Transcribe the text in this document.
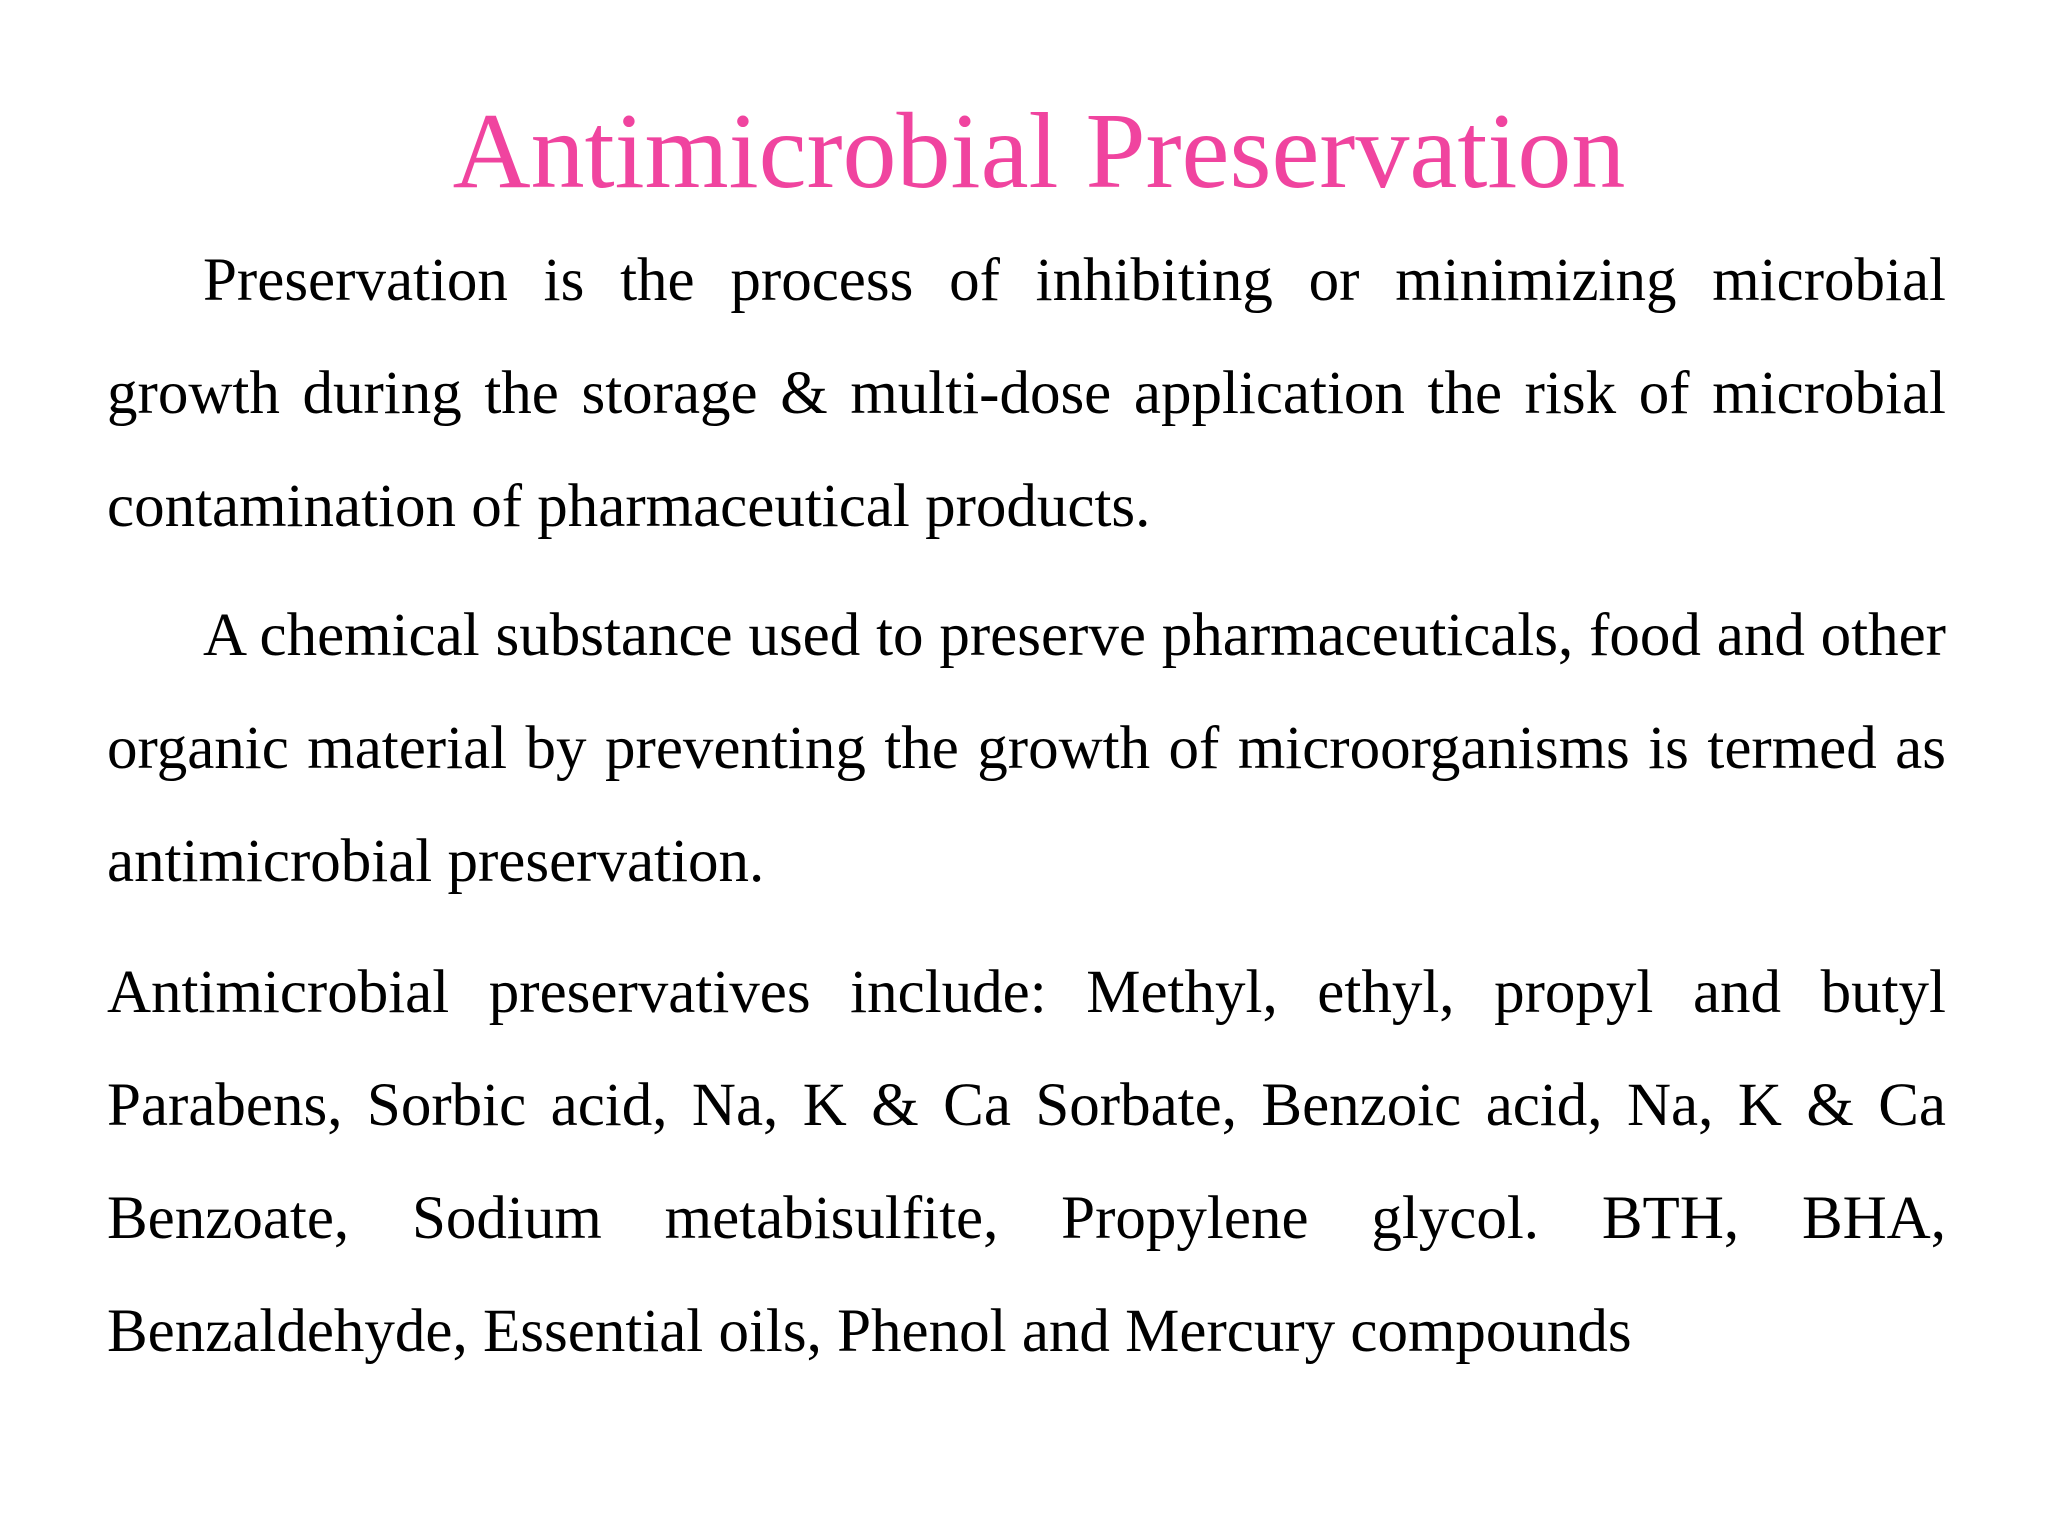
Antimicrobial Preservation

Preservation is the process of inhibiting or minimizing microbial growth during the storage & multi-dose application the risk of microbial contamination of pharmaceutical products.

A chemical substance used to preserve pharmaceuticals, food and other organic material by preventing the growth of microorganisms is termed as antimicrobial preservation.

Antimicrobial preservatives include: Methyl, ethyl, propyl and butyl Parabens, Sorbic acid, Na, K & Ca Sorbate, Benzoic acid, Na, K & Ca Benzoate, Sodium metabisulfite, Propylene glycol. BTH, BHA, Benzaldehyde, Essential oils, Phenol and Mercury compounds
